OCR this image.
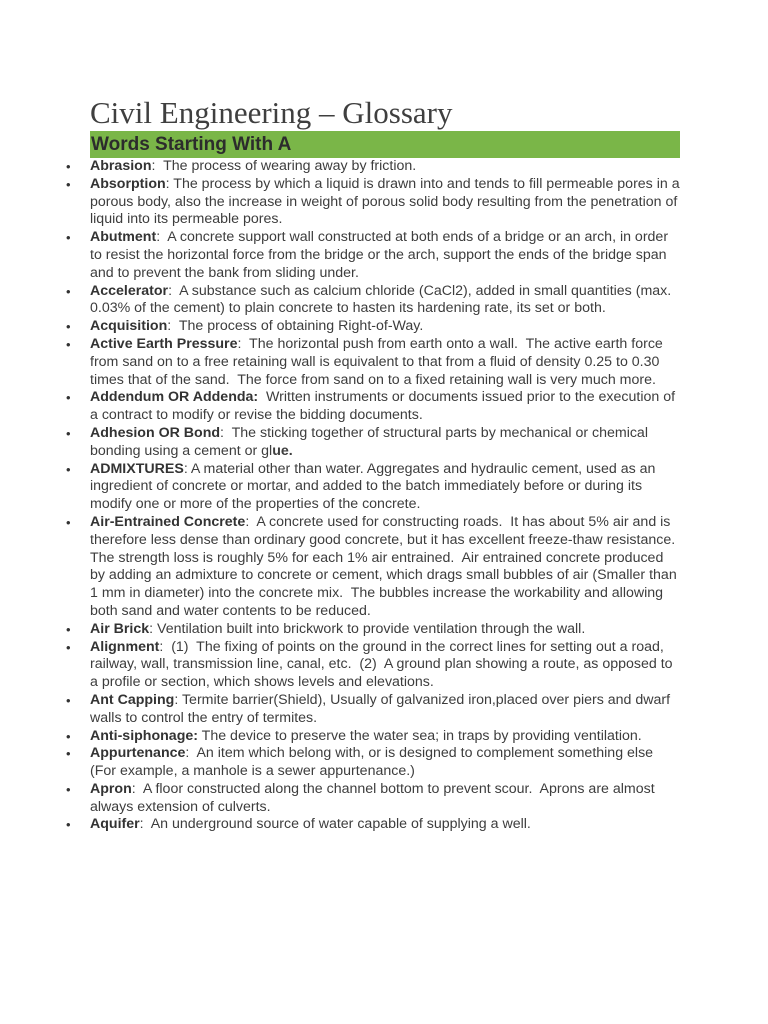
Civil Engineering – Glossary
Words Starting With A
•	Abrasion:  The process of wearing away by friction.
•	Absorption: The process by which a liquid is drawn into and tends to fill permeable pores in a porous body, also the increase in weight of porous solid body resulting from the penetration of liquid into its permeable pores.
•	Abutment:  A concrete support wall constructed at both ends of a bridge or an arch, in order to resist the horizontal force from the bridge or the arch, support the ends of the bridge span and to prevent the bank from sliding under.
•	Accelerator:  A substance such as calcium chloride (CaCl2), added in small quantities (max. 0.03% of the cement) to plain concrete to hasten its hardening rate, its set or both.
•	Acquisition:  The process of obtaining Right-of-Way.
•	Active Earth Pressure:  The horizontal push from earth onto a wall.  The active earth force from sand on to a free retaining wall is equivalent to that from a fluid of density 0.25 to 0.30 times that of the sand.  The force from sand on to a fixed retaining wall is very much more.
•	Addendum OR Addenda:  Written instruments or documents issued prior to the execution of a contract to modify or revise the bidding documents.
•	Adhesion OR Bond:  The sticking together of structural parts by mechanical or chemical bonding using a cement or glue.
•	ADMIXTURES: A material other than water. Aggregates and hydraulic cement, used as an ingredient of concrete or mortar, and added to the batch immediately before or during its modify one or more of the properties of the concrete.
•	Air-Entrained Concrete:  A concrete used for constructing roads.  It has about 5% air and is therefore less dense than ordinary good concrete, but it has excellent freeze-thaw resistance.  The strength loss is roughly 5% for each 1% air entrained.  Air entrained concrete produced by adding an admixture to concrete or cement, which drags small bubbles of air (Smaller than 1 mm in diameter) into the concrete mix.  The bubbles increase the workability and allowing both sand and water contents to be reduced.
•	Air Brick: Ventilation built into brickwork to provide ventilation through the wall.
•	Alignment:  (1)  The fixing of points on the ground in the correct lines for setting out a road, railway, wall, transmission line, canal, etc.  (2)  A ground plan showing a route, as opposed to a profile or section, which shows levels and elevations.
•	Ant Capping: Termite barrier(Shield), Usually of galvanized iron,placed over piers and dwarf walls to control the entry of termites.
•	Anti-siphonage: The device to preserve the water sea; in traps by providing ventilation.
•	Appurtenance:  An item which belong with, or is designed to complement something else (For example, a manhole is a sewer appurtenance.)
•	Apron:  A floor constructed along the channel bottom to prevent scour.  Aprons are almost always extension of culverts.
•	Aquifer:  An underground source of water capable of supplying a well.
